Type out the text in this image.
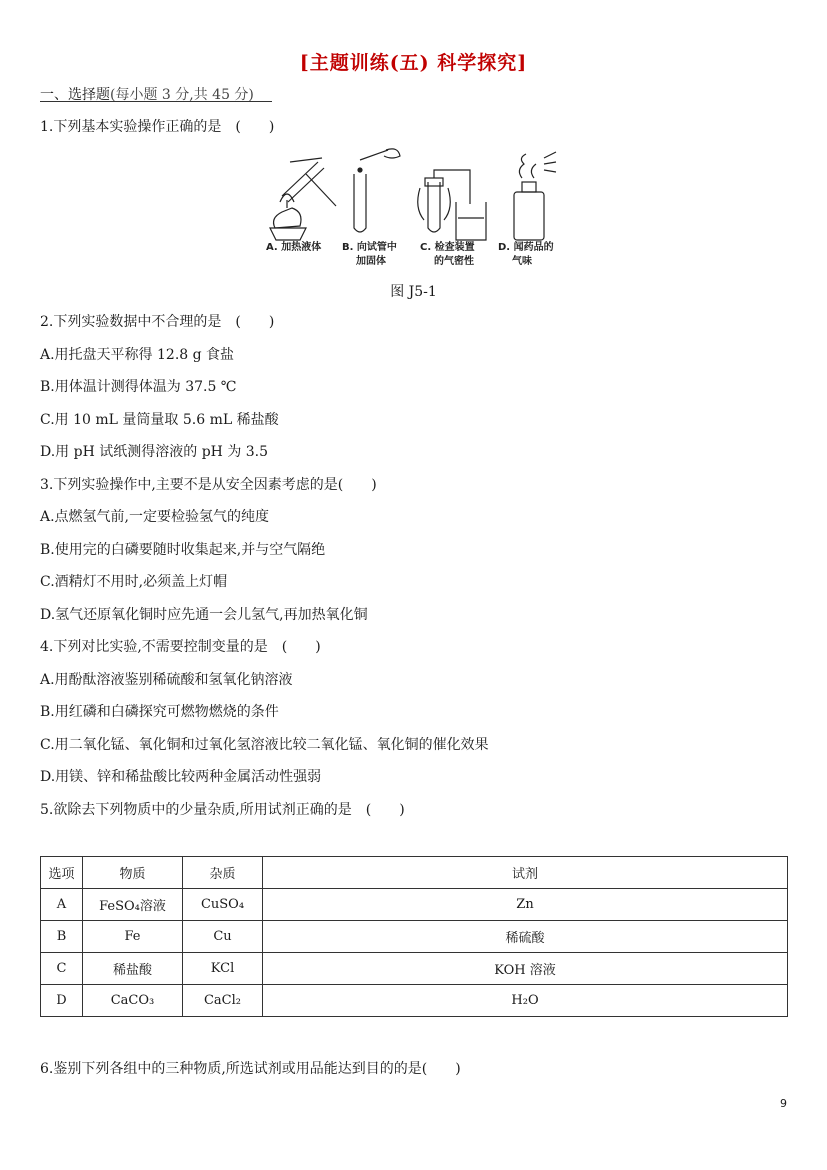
[主题训练(五) 科学探究]
一、选择题(每小题 3 分,共 45 分)
1.下列基本实验操作正确的是　(　　)
A. 加热液体 B. 向试管中
加固体
C. 检查装置
的气密性
D. 闻药品的
气味
图 J5-1
2.下列实验数据中不合理的是　(　　)
A.用托盘天平称得 12.8 g 食盐
B.用体温计测得体温为 37.5 ℃
C.用 10 mL 量筒量取 5.6 mL 稀盐酸
D.用 pH 试纸测得溶液的 pH 为 3.5
3.下列实验操作中,主要不是从安全因素考虑的是(　　)
A.点燃氢气前,一定要检验氢气的纯度
B.使用完的白磷要随时收集起来,并与空气隔绝
C.酒精灯不用时,必须盖上灯帽
D.氢气还原氧化铜时应先通一会儿氢气,再加热氧化铜
4.下列对比实验,不需要控制变量的是　(　　)
A.用酚酞溶液鉴别稀硫酸和氢氧化钠溶液
B.用红磷和白磷探究可燃物燃烧的条件
C.用二氧化锰、氧化铜和过氧化氢溶液比较二氧化锰、氧化铜的催化效果
D.用镁、锌和稀盐酸比较两种金属活动性强弱
5.欲除去下列物质中的少量杂质,所用试剂正确的是　(　　)
选项	物质	杂质	试剂
A	FeSO₄溶液	CuSO₄	Zn
B	Fe	Cu	稀硫酸
C	稀盐酸	KCl	KOH 溶液
D	CaCO₃	CaCl₂	H₂O
6.鉴别下列各组中的三种物质,所选试剂或用品能达到目的的是(　　)
9
